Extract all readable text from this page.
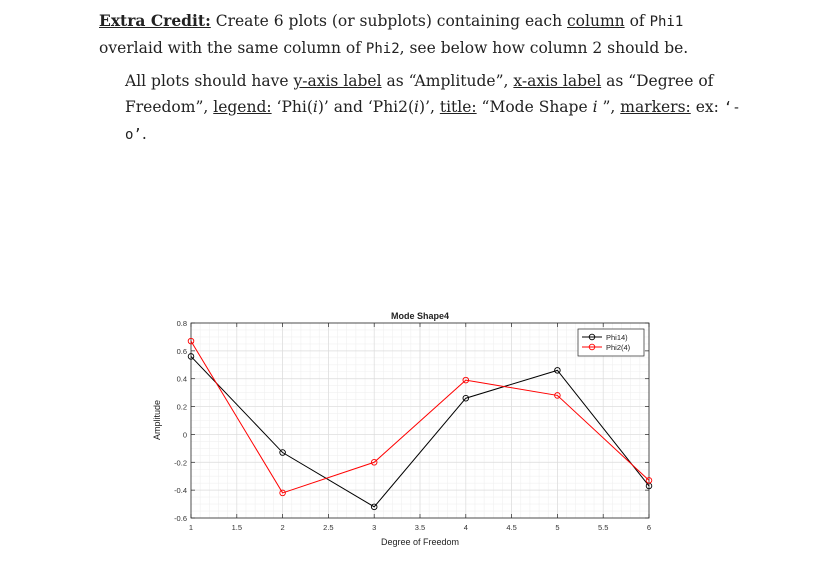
Extra Credit: Create 6 plots (or subplots) containing each column of Phi1 overlaid with the same column of Phi2, see below how column 2 should be.
All plots should have y-axis label as “Amplitude”, x-axis label as “Degree of Freedom”, legend: ‘Phi(i)’ and ‘Phi2(i)’, title: “Mode Shape i ”, markers: ex: ‘-o’.
1	1.5	2	2.5	3	3.5	4	4.5	5	5.5	6
-0.6
-0.4
-0.2
0
0.2
0.4
0.6
0.8
Mode Shape4
Degree of Freedom
Amplitude
Phi14)
Phi2(4)
